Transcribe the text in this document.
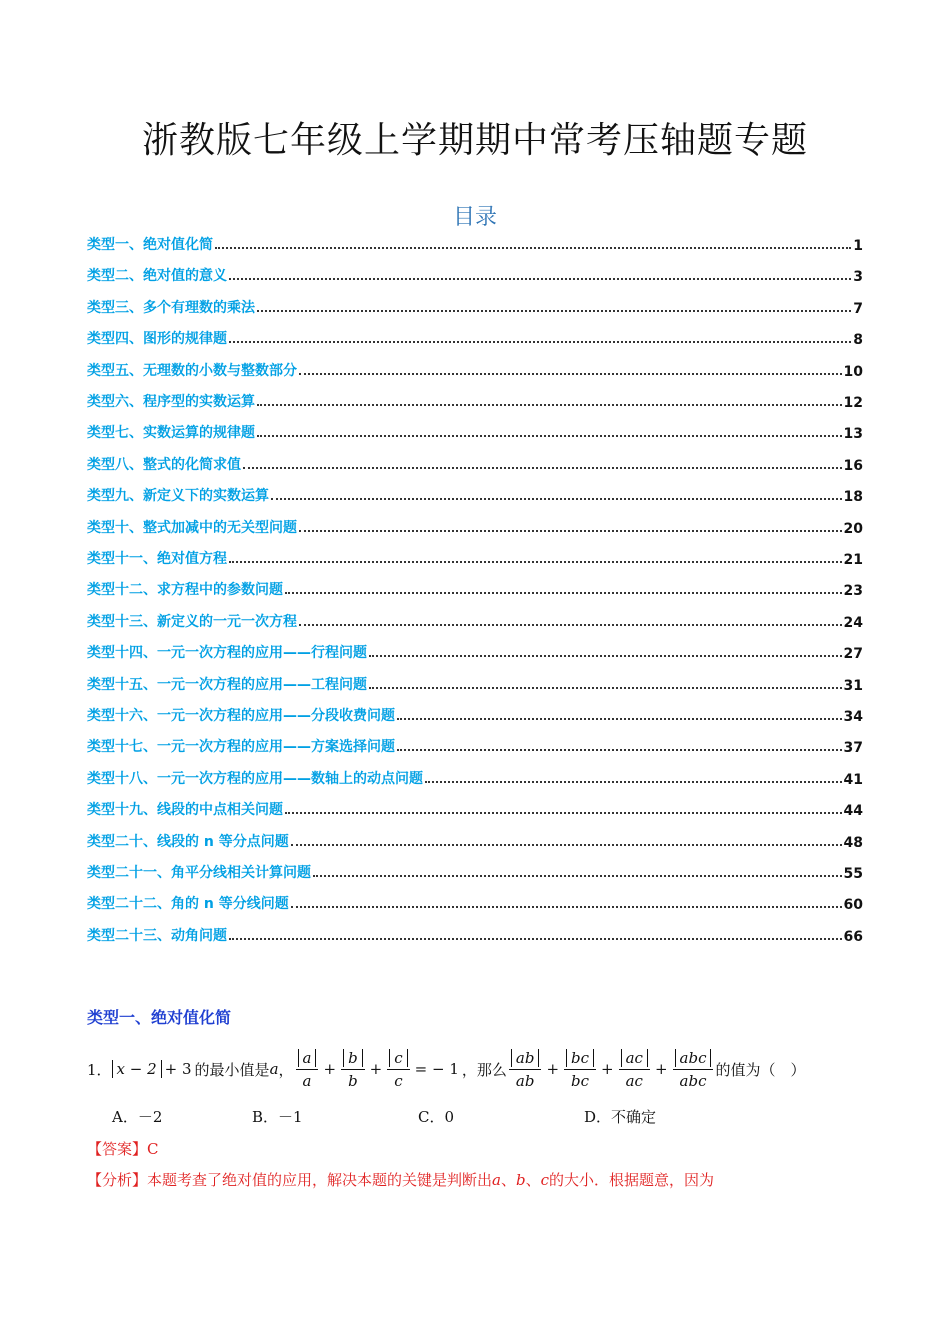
浙教版七年级上学期期中常考压轴题专题
目录
类型一、绝对值化简	1
类型二、绝对值的意义	3
类型三、多个有理数的乘法	7
类型四、图形的规律题	8
类型五、无理数的小数与整数部分	10
类型六、程序型的实数运算	12
类型七、实数运算的规律题	13
类型八、整式的化简求值	16
类型九、新定义下的实数运算	18
类型十、整式加减中的无关型问题	20
类型十一、绝对值方程	21
类型十二、求方程中的参数问题	23
类型十三、新定义的一元一次方程	24
类型十四、一元一次方程的应用——行程问题	27
类型十五、一元一次方程的应用——工程问题	31
类型十六、一元一次方程的应用——分段收费问题	34
类型十七、一元一次方程的应用——方案选择问题	37
类型十八、一元一次方程的应用——数轴上的动点问题	41
类型十九、线段的中点相关问题	44
类型二十、线段的 n 等分点问题	48
类型二十一、角平分线相关计算问题	55
类型二十二、角的 n 等分线问题	60
类型二十三、动角问题	66
类型一、绝对值化简
1． x − 2 + 3 的最小值是 a ， $\frac{a}{a} + \frac{b}{b} + \frac{c}{c}$ = − 1 ，那么 $\frac{ab}{ab} + \frac{bc}{bc} + \frac{ac}{ac} + \frac{\text{abc}}{\text{abc}}$ 的值为（　）
A．－2	B．－1	C．0	D．不确定
【答案】C
【分析】本题考查了绝对值的应用，解决本题的关键是判断出a、b、c的大小．根据题意，因为
